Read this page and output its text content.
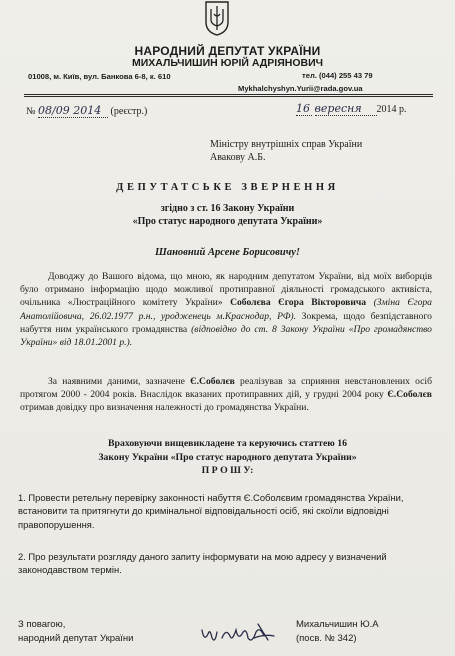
НАРОДНИЙ ДЕПУТАТ УКРАЇНИ
МИХАЛЬЧИШИН ЮРІЙ АДРІЯНОВИЧ
01008, м. Київ, вул. Банкова 6-8, к. 610	тел. (044) 255 43 79
Mykhalchyshyn.Yurii@rada.gov.ua
№ 08/09 2014 (реєстр.)	16 вересня 2014 р.
Міністру внутрішніх справ України
Авакову А.Б.
ДЕПУТАТСЬКЕ ЗВЕРНЕННЯ
згідно з ст. 16 Закону України
«Про статус народного депутата України»
Шановний Арсене Борисовичу!
Доводжу до Вашого відома, що мною, як народним депутатом України, від моїх виборців було отримано інформацію щодо можливої протиправної діяльності громадського активіста, очільника «Люстраційного комітету України» Соболєва Єгора Вікторовича (Зміна Єгора Анатолійовича, 26.02.1977 р.н., уродженець м.Краснодар, РФ). Зокрема, щодо безпідставного набуття ним українського громадянства (відповідно до ст. 8 Закону України «Про громадянство України» від 18.01.2001 р.).
За наявними даними, зазначене Є.Соболєв реалізував за сприяння невстановлених осіб протягом 2000 - 2004 років. Внаслідок вказаних протиправних дій, у грудні 2004 року Є.Соболєв отримав довідку про визначення належності до громадянства України.
Враховуючи вищевикладене та керуючись статтею 16
Закону України «Про статус народного депутата України»
П Р О Ш У:
1. Провести ретельну перевірку законності набуття Є.Соболєвим громадянства України, встановити та притягнути до кримінальної відповідальності осіб, які скоїли відповідні правопорушення.
2. Про результати розгляду даного запиту інформувати на мою адресу у визначений законодавством термін.
З повагою,
народний депутат України
Михальчишин Ю.А
(посв. № 342)
